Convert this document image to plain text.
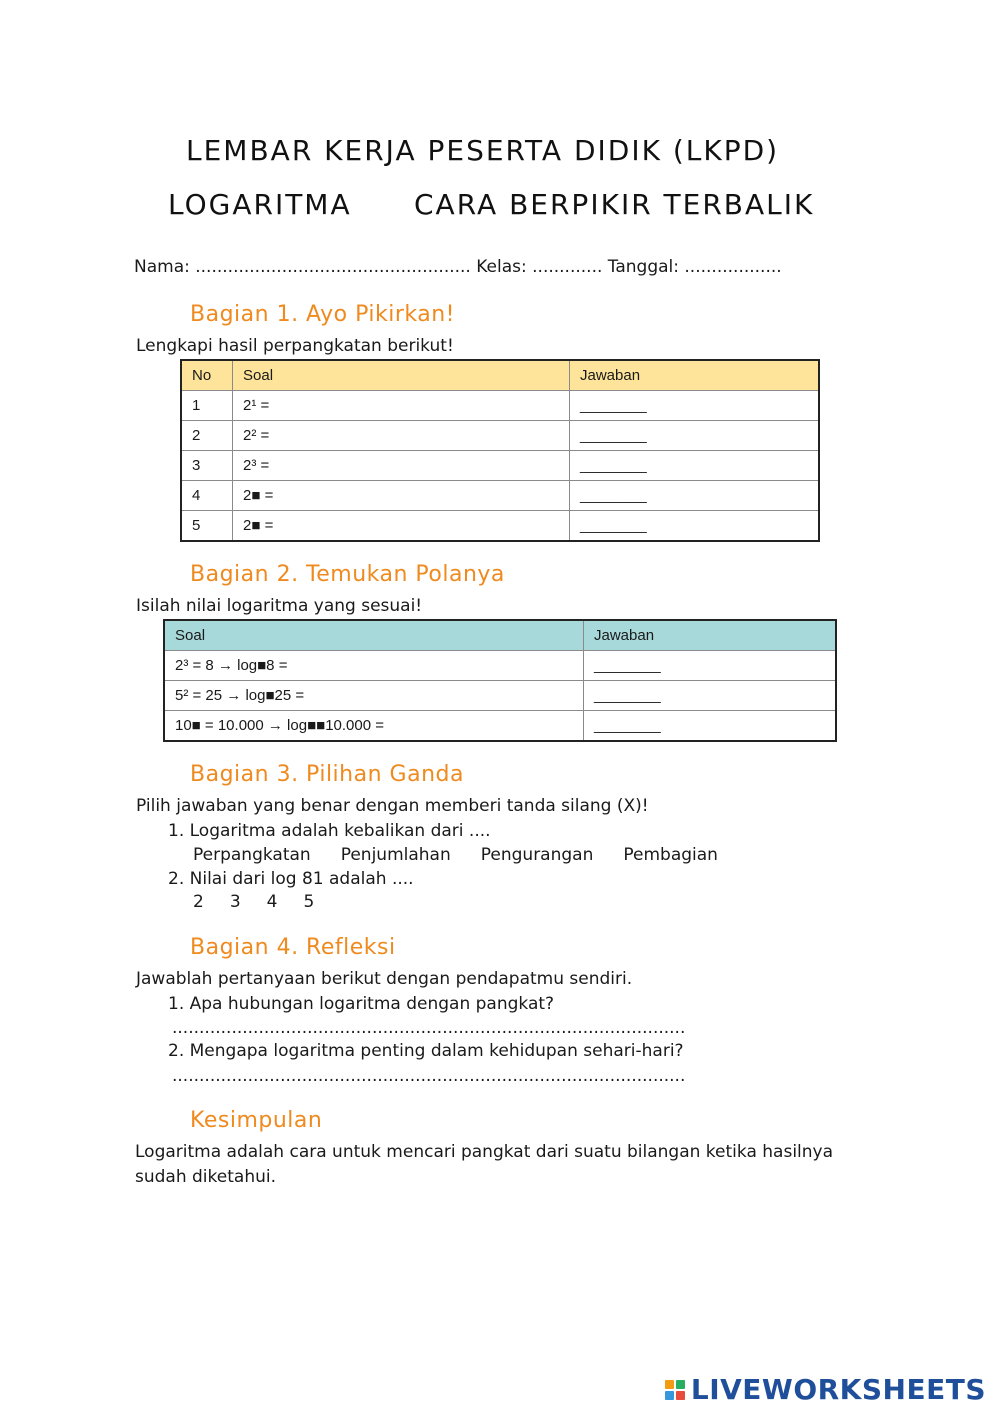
LEMBAR KERJA PESERTA DIDIK (LKPD)
LOGARITMA CARA BERPIKIR TERBALIK
Nama: ................................................... Kelas: ............. Tanggal: ..................
Bagian 1. Ayo Pikirkan!
Lengkapi hasil perpangkatan berikut!
No	Soal	Jawaban
1	2¹ =	________
2	2² =	________
3	2³ =	________
4	2■ =	________
5	2■ =	________
Bagian 2. Temukan Polanya
Isilah nilai logaritma yang sesuai!
Soal	Jawaban
2³ = 8 → log■8 =	________
5² = 25 → log■25 =	________
10■ = 10.000 → log■■10.000 =	________
Bagian 3. Pilihan Ganda
Pilih jawaban yang benar dengan memberi tanda silang (X)!
1. Logaritma adalah kebalikan dari ....
Perpangkatan Penjumlahan Pengurangan Pembagian
2. Nilai dari log 81 adalah ....
2 3 4 5
Bagian 4. Refleksi
Jawablah pertanyaan berikut dengan pendapatmu sendiri.
1. Apa hubungan logaritma dengan pangkat?
...............................................................................................
2. Mengapa logaritma penting dalam kehidupan sehari-hari?
...............................................................................................
Kesimpulan
Logaritma adalah cara untuk mencari pangkat dari suatu bilangan ketika hasilnya
sudah diketahui.
LIVEWORKSHEETS
